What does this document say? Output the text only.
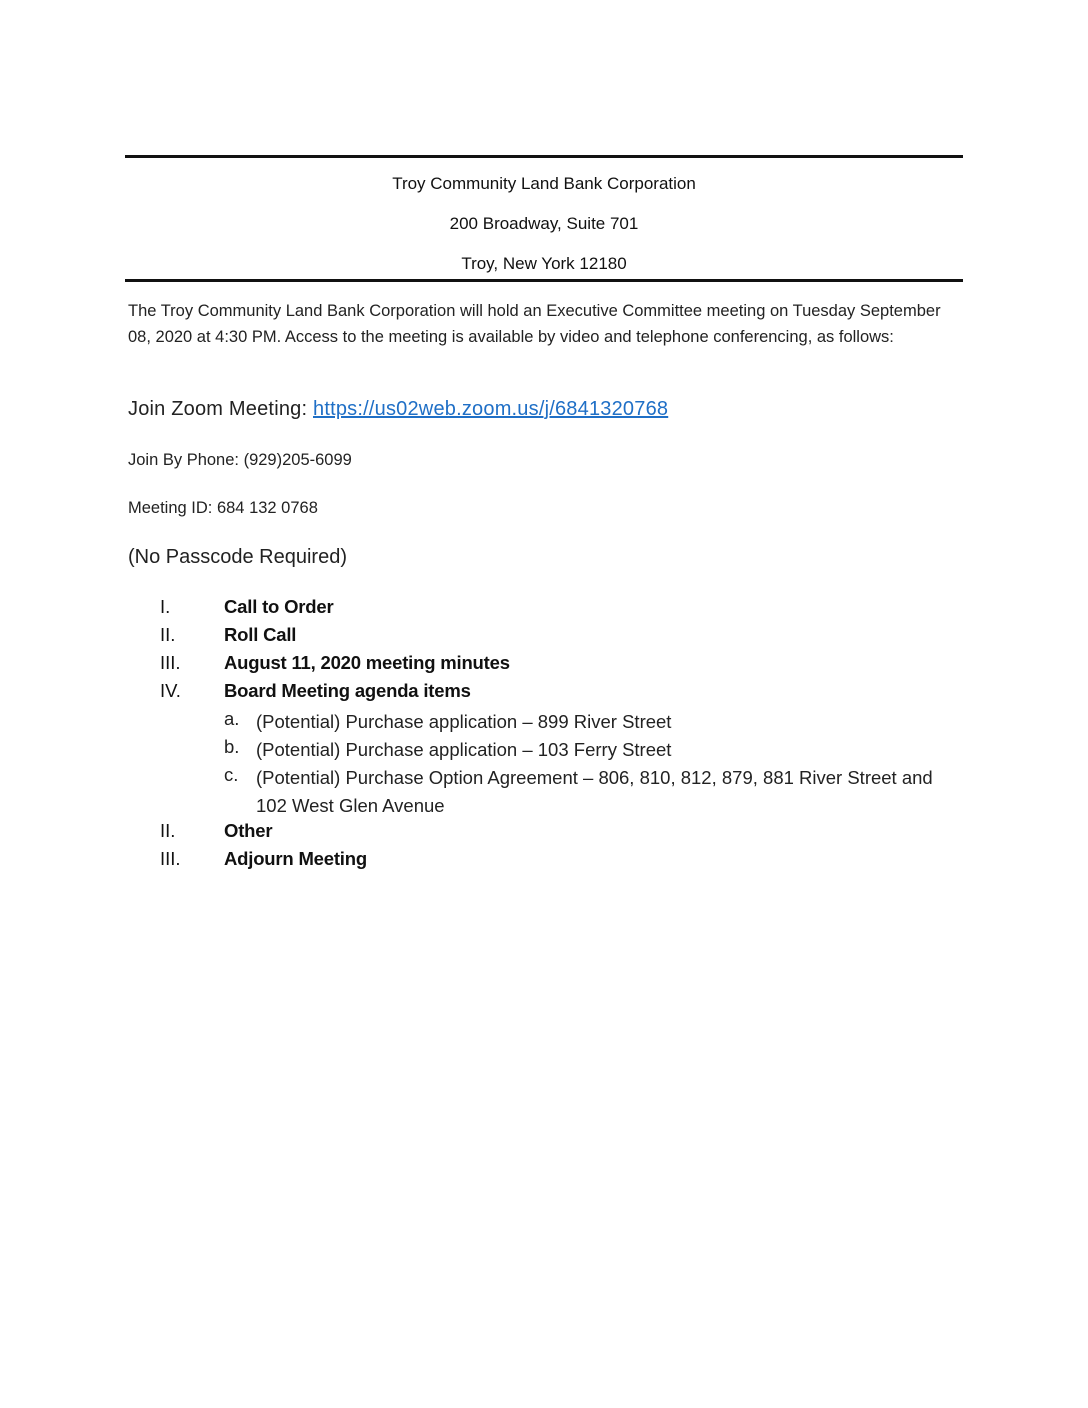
Troy Community Land Bank Corporation
200 Broadway, Suite 701
Troy, New York 12180
The Troy Community Land Bank Corporation will hold an Executive Committee meeting on Tuesday September 08, 2020 at 4:30 PM. Access to the meeting is available by video and telephone conferencing, as follows:
Join Zoom Meeting: https://us02web.zoom.us/j/6841320768
Join By Phone: (929)205-6099
Meeting ID: 684 132 0768
(No Passcode Required)
I.	Call to Order
II.	Roll Call
III.	August 11, 2020 meeting minutes
IV.	Board Meeting agenda items
a. (Potential) Purchase application – 899 River Street
b. (Potential) Purchase application – 103 Ferry Street
c. (Potential) Purchase Option Agreement – 806, 810, 812, 879, 881 River Street and 102 West Glen Avenue
II.	Other
III.	Adjourn Meeting
